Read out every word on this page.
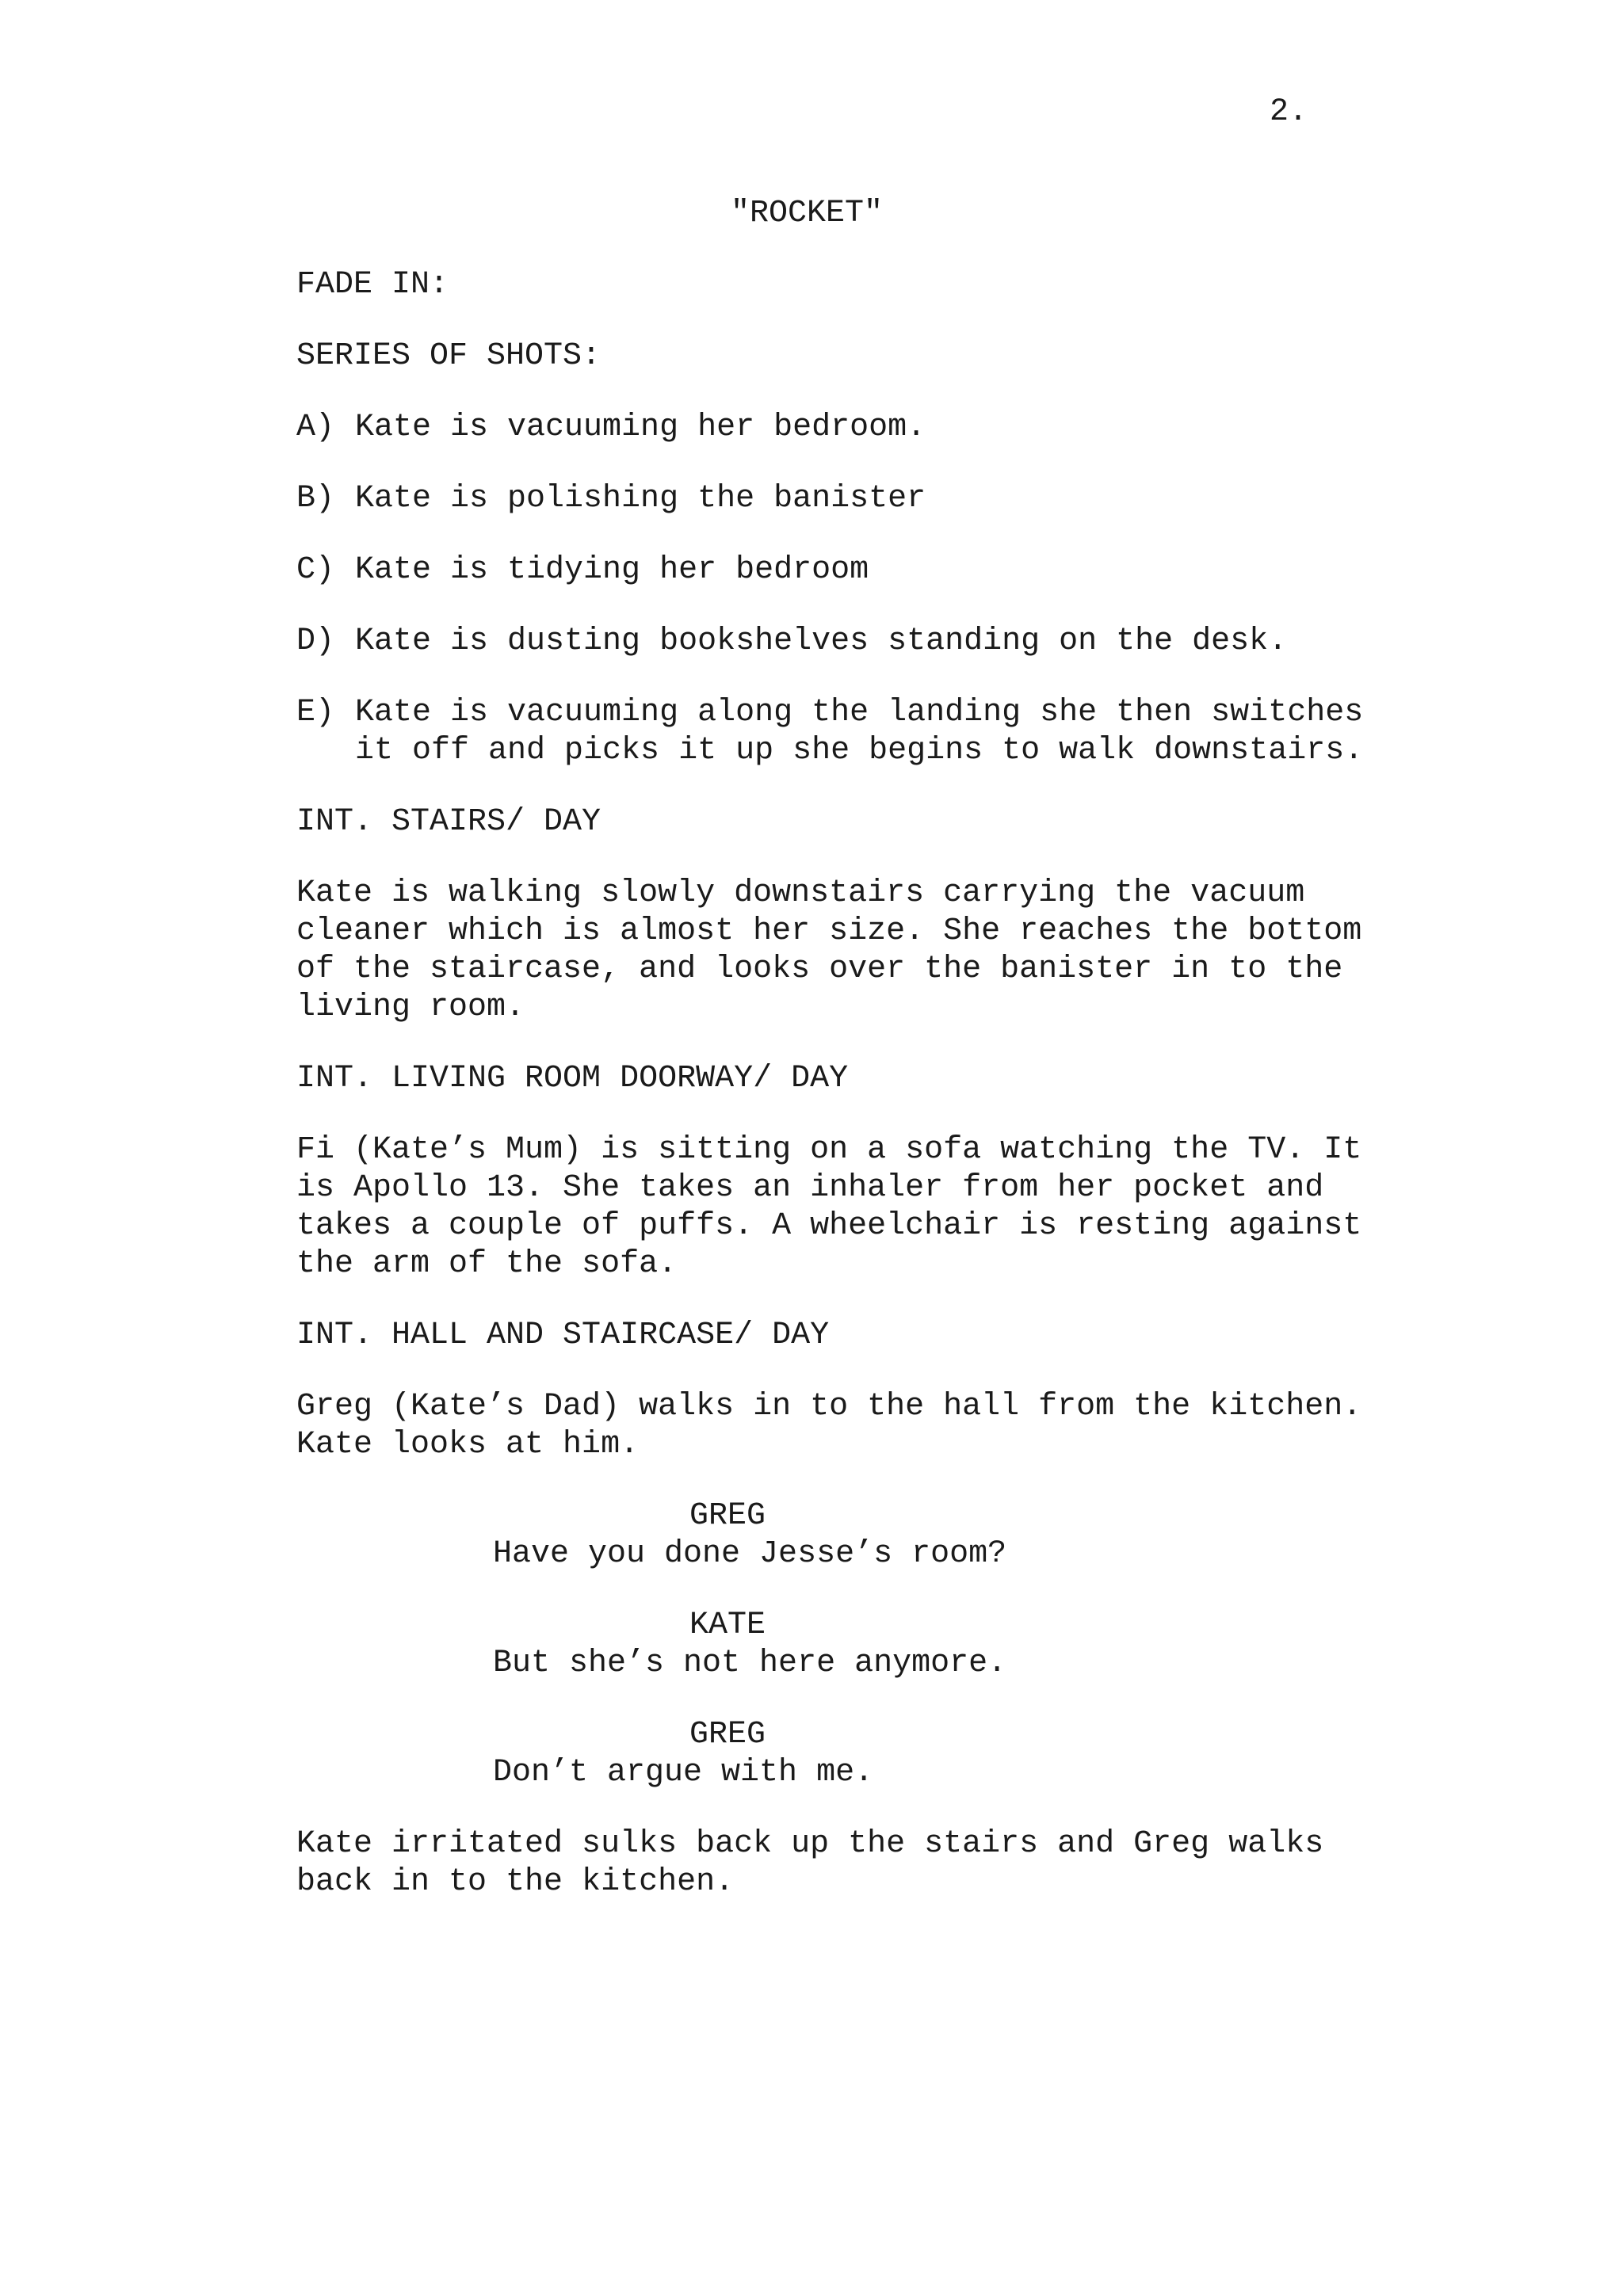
2.
"ROCKET"
FADE IN:
SERIES OF SHOTS:
A) Kate is vacuuming her bedroom.
B) Kate is polishing the banister
C) Kate is tidying her bedroom
D) Kate is dusting bookshelves standing on the desk.
E) Kate is vacuuming along the landing she then switches
it off and picks it up she begins to walk downstairs.
INT. STAIRS/ DAY
Kate is walking slowly downstairs carrying the vacuum
cleaner which is almost her size. She reaches the bottom
of the staircase, and looks over the banister in to the
living room.
INT. LIVING ROOM DOORWAY/ DAY
Fi (Kate’s Mum) is sitting on a sofa watching the TV. It
is Apollo 13. She takes an inhaler from her pocket and
takes a couple of puffs. A wheelchair is resting against
the arm of the sofa.
INT. HALL AND STAIRCASE/ DAY
Greg (Kate’s Dad) walks in to the hall from the kitchen.
Kate looks at him.
GREG
Have you done Jesse’s room?
KATE
But she’s not here anymore.
GREG
Don’t argue with me.
Kate irritated sulks back up the stairs and Greg walks
back in to the kitchen.
